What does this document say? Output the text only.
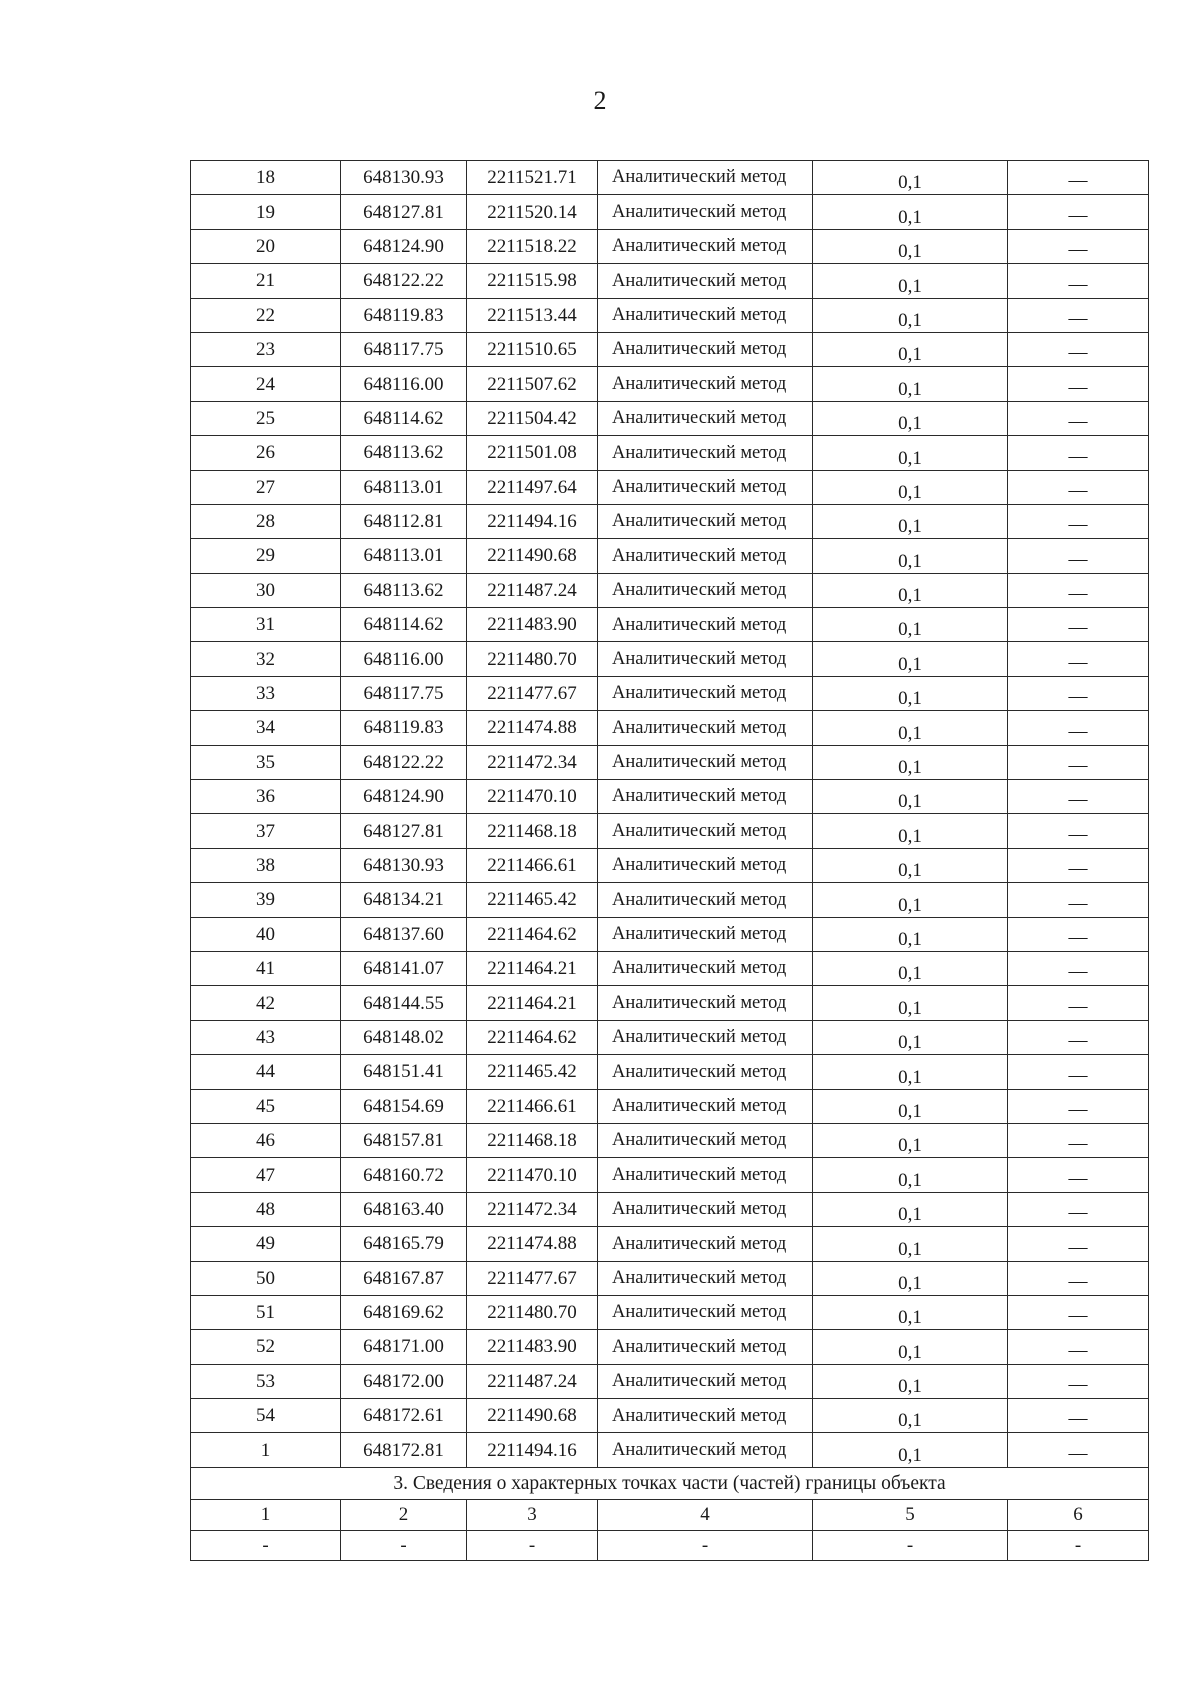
2
18	648130.93	2211521.71	Аналитический метод	0,1	—
19	648127.81	2211520.14	Аналитический метод	0,1	—
20	648124.90	2211518.22	Аналитический метод	0,1	—
21	648122.22	2211515.98	Аналитический метод	0,1	—
22	648119.83	2211513.44	Аналитический метод	0,1	—
23	648117.75	2211510.65	Аналитический метод	0,1	—
24	648116.00	2211507.62	Аналитический метод	0,1	—
25	648114.62	2211504.42	Аналитический метод	0,1	—
26	648113.62	2211501.08	Аналитический метод	0,1	—
27	648113.01	2211497.64	Аналитический метод	0,1	—
28	648112.81	2211494.16	Аналитический метод	0,1	—
29	648113.01	2211490.68	Аналитический метод	0,1	—
30	648113.62	2211487.24	Аналитический метод	0,1	—
31	648114.62	2211483.90	Аналитический метод	0,1	—
32	648116.00	2211480.70	Аналитический метод	0,1	—
33	648117.75	2211477.67	Аналитический метод	0,1	—
34	648119.83	2211474.88	Аналитический метод	0,1	—
35	648122.22	2211472.34	Аналитический метод	0,1	—
36	648124.90	2211470.10	Аналитический метод	0,1	—
37	648127.81	2211468.18	Аналитический метод	0,1	—
38	648130.93	2211466.61	Аналитический метод	0,1	—
39	648134.21	2211465.42	Аналитический метод	0,1	—
40	648137.60	2211464.62	Аналитический метод	0,1	—
41	648141.07	2211464.21	Аналитический метод	0,1	—
42	648144.55	2211464.21	Аналитический метод	0,1	—
43	648148.02	2211464.62	Аналитический метод	0,1	—
44	648151.41	2211465.42	Аналитический метод	0,1	—
45	648154.69	2211466.61	Аналитический метод	0,1	—
46	648157.81	2211468.18	Аналитический метод	0,1	—
47	648160.72	2211470.10	Аналитический метод	0,1	—
48	648163.40	2211472.34	Аналитический метод	0,1	—
49	648165.79	2211474.88	Аналитический метод	0,1	—
50	648167.87	2211477.67	Аналитический метод	0,1	—
51	648169.62	2211480.70	Аналитический метод	0,1	—
52	648171.00	2211483.90	Аналитический метод	0,1	—
53	648172.00	2211487.24	Аналитический метод	0,1	—
54	648172.61	2211490.68	Аналитический метод	0,1	—
1	648172.81	2211494.16	Аналитический метод	0,1	—
3. Сведения о характерных точках части (частей) границы объекта					
1	2	3	4	5	6
-	-	-	-	-	-
